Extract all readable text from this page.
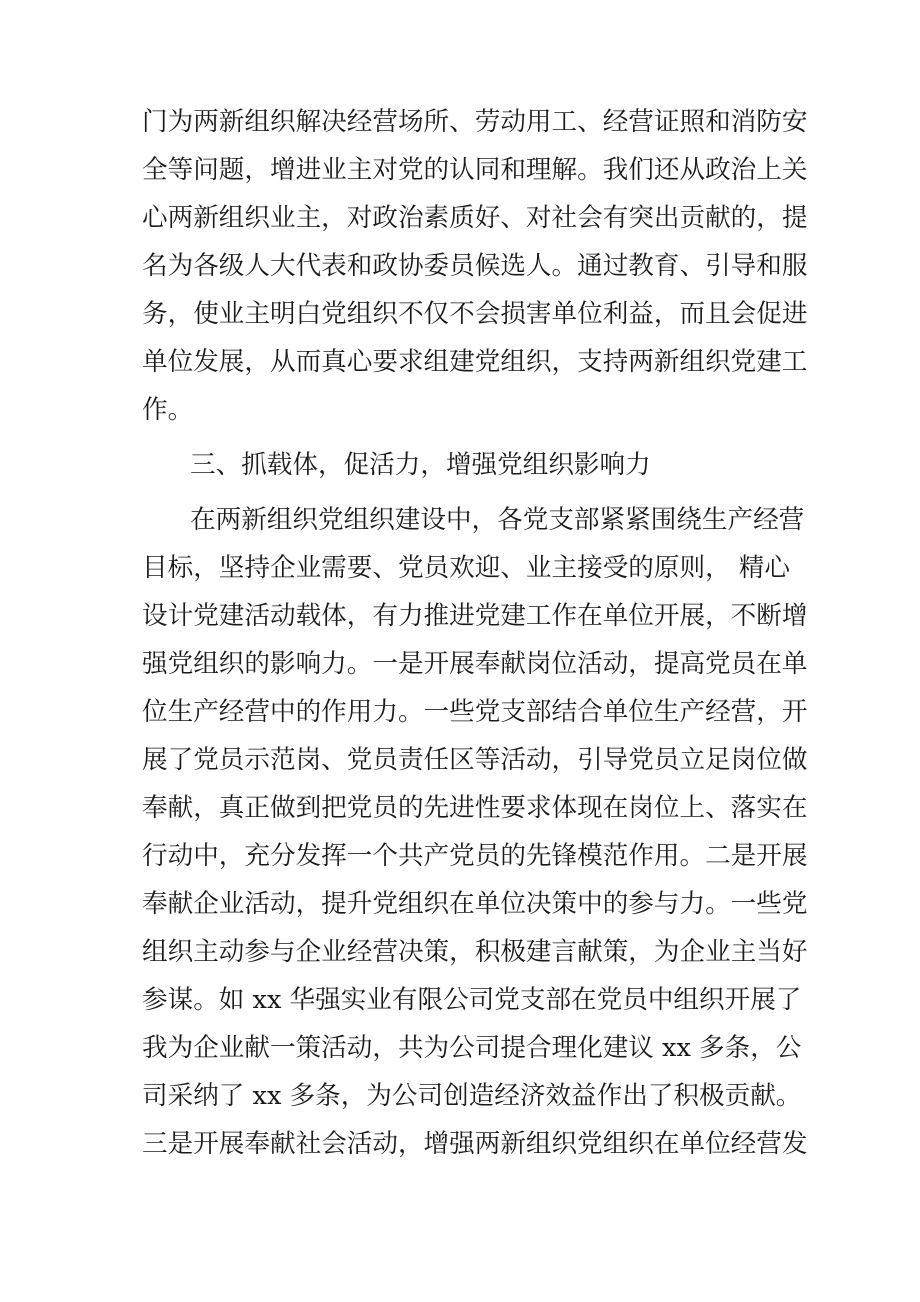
门为两新组织解决经营场所、劳动用工、经营证照和消防安
全等问题，增进业主对党的认同和理解。我们还从政治上关
心两新组织业主，对政治素质好、对社会有突出贡献的，提
名为各级人大代表和政协委员候选人。通过教育、引导和服
务，使业主明白党组织不仅不会损害单位利益，而且会促进
单位发展，从而真心要求组建党组织，支持两新组织党建工
作。
三、抓载体，促活力，增强党组织影响力
在两新组织党组织建设中，各党支部紧紧围绕生产经营
目标，坚持企业需要、党员欢迎、业主接受的原则， 精心
设计党建活动载体，有力推进党建工作在单位开展，不断增
强党组织的影响力。一是开展奉献岗位活动，提高党员在单
位生产经营中的作用力。一些党支部结合单位生产经营，开
展了党员示范岗、党员责任区等活动，引导党员立足岗位做
奉献，真正做到把党员的先进性要求体现在岗位上、落实在
行动中，充分发挥一个共产党员的先锋模范作用。二是开展
奉献企业活动，提升党组织在单位决策中的参与力。一些党
组织主动参与企业经营决策，积极建言献策，为企业主当好
参谋。如 xx 华强实业有限公司党支部在党员中组织开展了
我为企业献一策活动，共为公司提合理化建议 xx 多条，公
司采纳了 xx 多条，为公司创造经济效益作出了积极贡献。
三是开展奉献社会活动，增强两新组织党组织在单位经营发
